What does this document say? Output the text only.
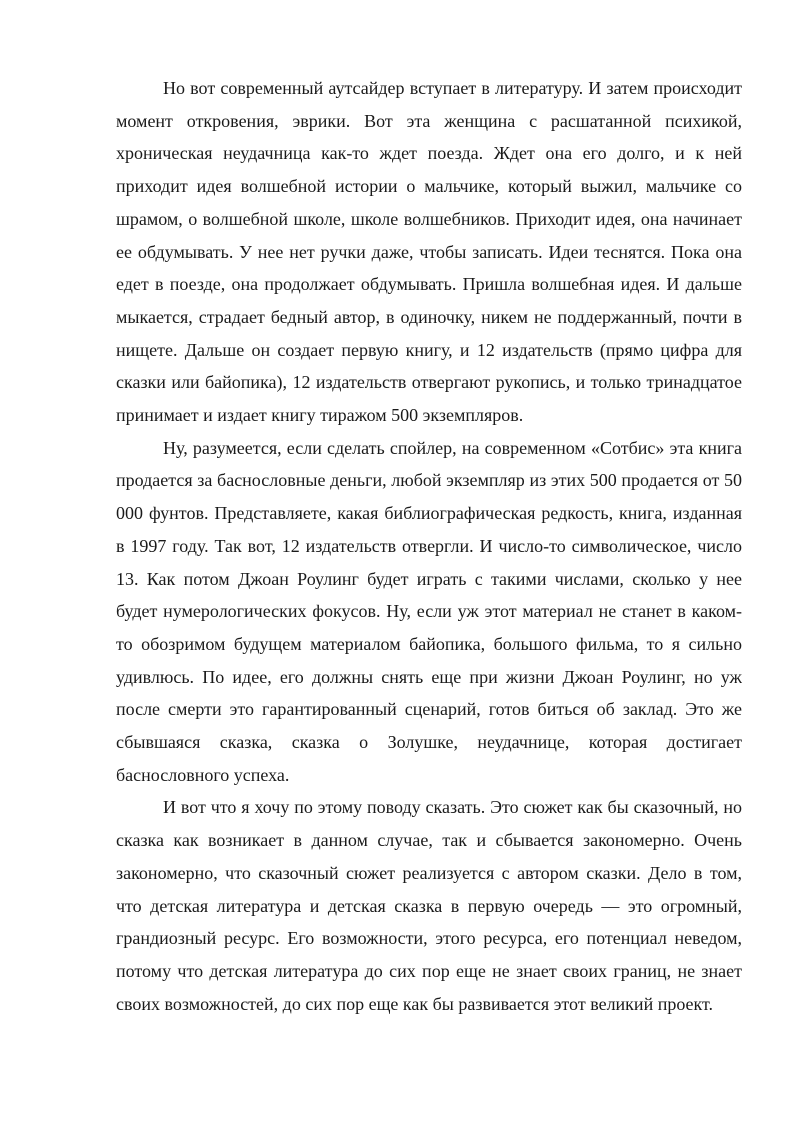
Но вот современный аутсайдер вступает в литературу. И затем происходит момент откровения, эврики. Вот эта женщина с расшатанной психикой, хроническая неудачница как-то ждет поезда. Ждет она его долго, и к ней приходит идея волшебной истории о мальчике, который выжил, мальчике со шрамом, о волшебной школе, школе волшебников. Приходит идея, она начинает ее обдумывать. У нее нет ручки даже, чтобы записать. Идеи теснятся. Пока она едет в поезде, она продолжает обдумывать. Пришла волшебная идея. И дальше мыкается, страдает бедный автор, в одиночку, никем не поддержанный, почти в нищете. Дальше он создает первую книгу, и 12 издательств (прямо цифра для сказки или байопика), 12 издательств отвергают рукопись, и только тринадцатое принимает и издает книгу тиражом 500 экземпляров.

Ну, разумеется, если сделать спойлер, на современном «Сотбис» эта книга продается за баснословные деньги, любой экземпляр из этих 500 продается от 50 000 фунтов. Представляете, какая библиографическая редкость, книга, изданная в 1997 году. Так вот, 12 издательств отвергли. И число-то символическое, число 13. Как потом Джоан Роулинг будет играть с такими числами, сколько у нее будет нумерологических фокусов. Ну, если уж этот материал не станет в каком-то обозримом будущем материалом байопика, большого фильма, то я сильно удивлюсь. По идее, его должны снять еще при жизни Джоан Роулинг, но уж после смерти это гарантированный сценарий, готов биться об заклад. Это же сбывшаяся сказка, сказка о Золушке, неудачнице, которая достигает баснословного успеха.

И вот что я хочу по этому поводу сказать. Это сюжет как бы сказочный, но сказка как возникает в данном случае, так и сбывается закономерно. Очень закономерно, что сказочный сюжет реализуется с автором сказки. Дело в том, что детская литература и детская сказка в первую очередь — это огромный, грандиозный ресурс. Его возможности, этого ресурса, его потенциал неведом, потому что детская литература до сих пор еще не знает своих границ, не знает своих возможностей, до сих пор еще как бы развивается этот великий проект.
